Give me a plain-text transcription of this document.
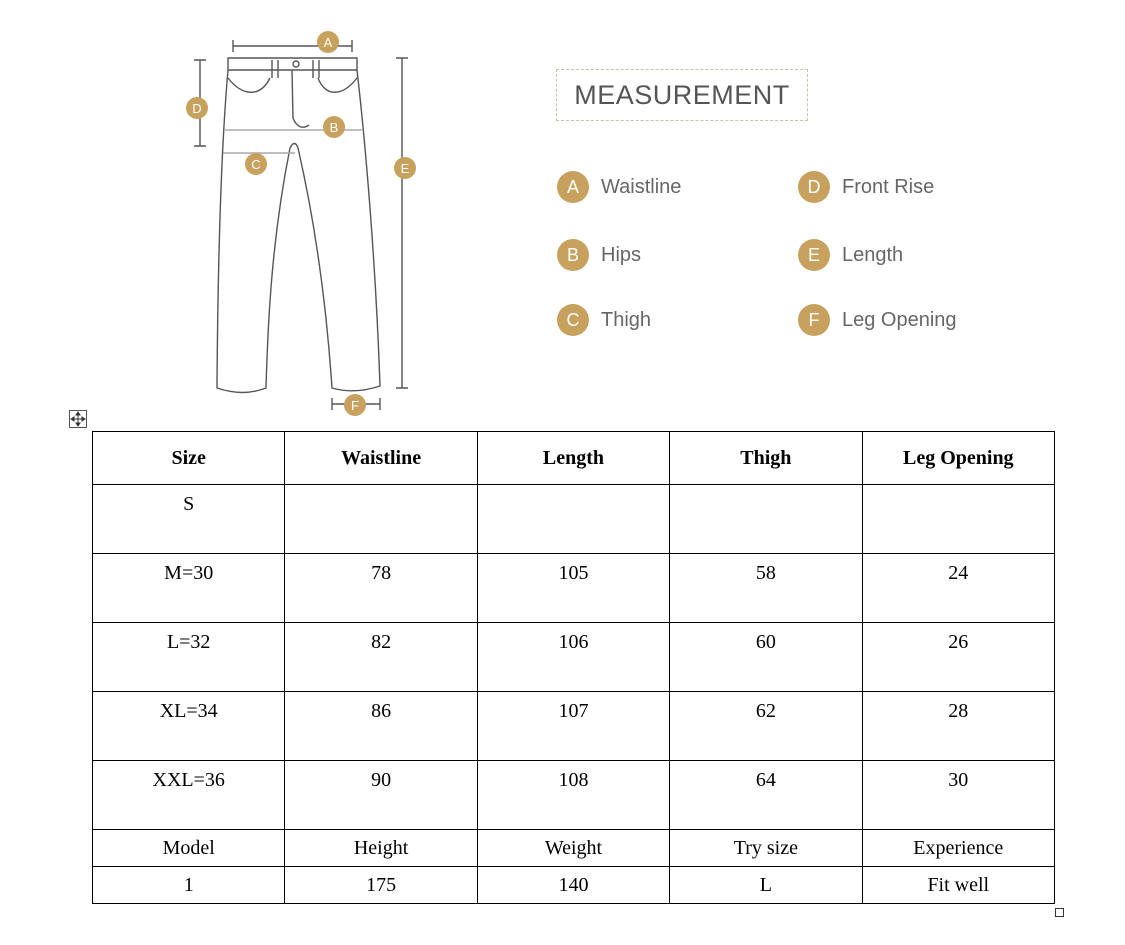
A
B
C
D
E
F
MEASUREMENT
A	Waistline
B	Hips
C	Thigh
D	Front Rise
E	Length
F	Leg Opening
Size	Waistline	Length	Thigh	Leg Opening
S				
M=30	78	105	58	24
L=32	82	106	60	26
XL=34	86	107	62	28
XXL=36	90	108	64	30
Model	Height	Weight	Try size	Experience
1	175	140	L	Fit well
